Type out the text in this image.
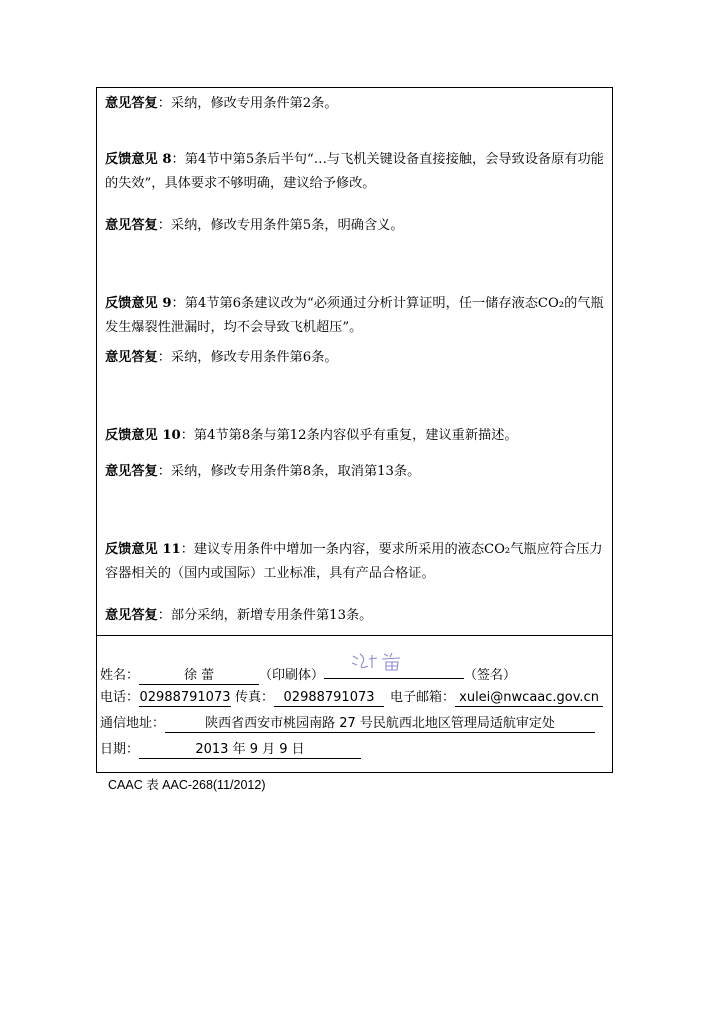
意见答复：采纳，修改专用条件第2条。
反馈意见 8：第4节中第5条后半句“…与飞机关键设备直接接触，会导致设备原有功能的失效”，具体要求不够明确，建议给予修改。
意见答复：采纳，修改专用条件第5条，明确含义。
反馈意见 9：第4节第6条建议改为“必须通过分析计算证明，任一储存液态CO₂的气瓶发生爆裂性泄漏时，均不会导致飞机超压”。
意见答复：采纳，修改专用条件第6条。
反馈意见 10：第4节第8条与第12条内容似乎有重复，建议重新描述。
意见答复：采纳，修改专用条件第8条，取消第13条。
反馈意见 11：建议专用条件中增加一条内容，要求所采用的液态CO₂气瓶应符合压力容器相关的（国内或国际）工业标准，具有产品合格证。
意见答复：部分采纳，新增专用条件第13条。
姓名：	徐 蕾	（印刷体）	（签名）
电话：02988791073 传真： 02988791073 电子邮箱： xulei@nwcaac.gov.cn
通信地址：	陕西省西安市桃园南路 27 号民航西北地区管理局适航审定处
日期：	2013 年 9 月 9 日
CAAC 表 AAC-268(11/2012)
